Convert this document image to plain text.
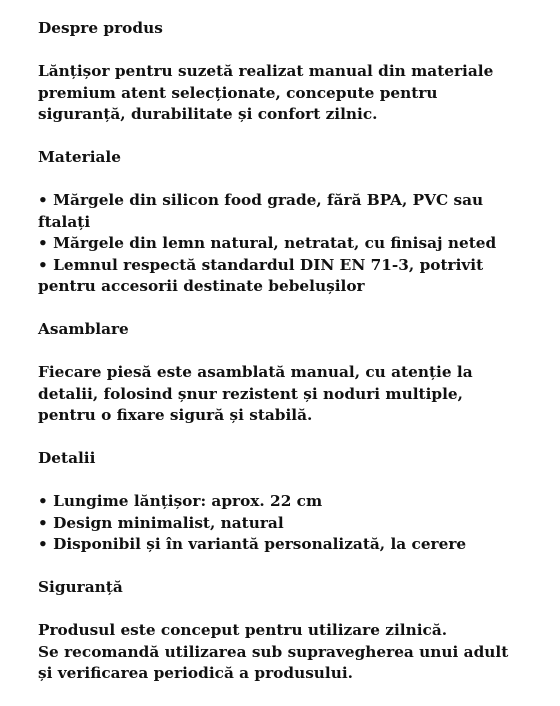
Despre produs
Lănțișor pentru suzetă realizat manual din materiale
premium atent selecționate, concepute pentru
siguranță, durabilitate și confort zilnic.
Materiale
• Mărgele din silicon food grade, fără BPA, PVC sau
ftalați
• Mărgele din lemn natural, netratat, cu finisaj neted
• Lemnul respectă standardul DIN EN 71-3, potrivit
pentru accesorii destinate bebelușilor
Asamblare
Fiecare piesă este asamblată manual, cu atenție la
detalii, folosind șnur rezistent și noduri multiple,
pentru o fixare sigură și stabilă.
Detalii
• Lungime lănțișor: aprox. 22 cm
• Design minimalist, natural
• Disponibil și în variantă personalizată, la cerere
Siguranță
Produsul este conceput pentru utilizare zilnică.
Se recomandă utilizarea sub supravegherea unui adult
și verificarea periodică a produsului.
